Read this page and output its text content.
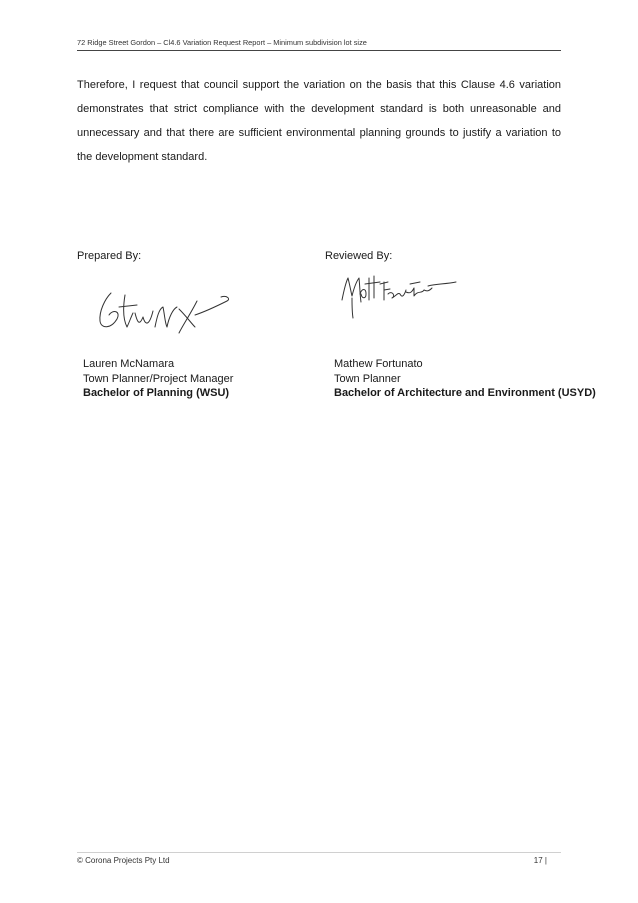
72 Ridge Street Gordon – Cl4.6 Variation Request Report – Minimum subdivision lot size

Therefore, I request that council support the variation on the basis that this Clause 4.6 variation demonstrates that strict compliance with the development standard is both unreasonable and unnecessary and that there are sufficient environmental planning grounds to justify a variation to the development standard.

Prepared By:	Reviewed By:
Lauren McNamara
Town Planner/Project Manager
Bachelor of Planning (WSU)
Mathew Fortunato
Town Planner
Bachelor of Architecture and Environment (USYD)
© Corona Projects Pty Ltd	17 |
